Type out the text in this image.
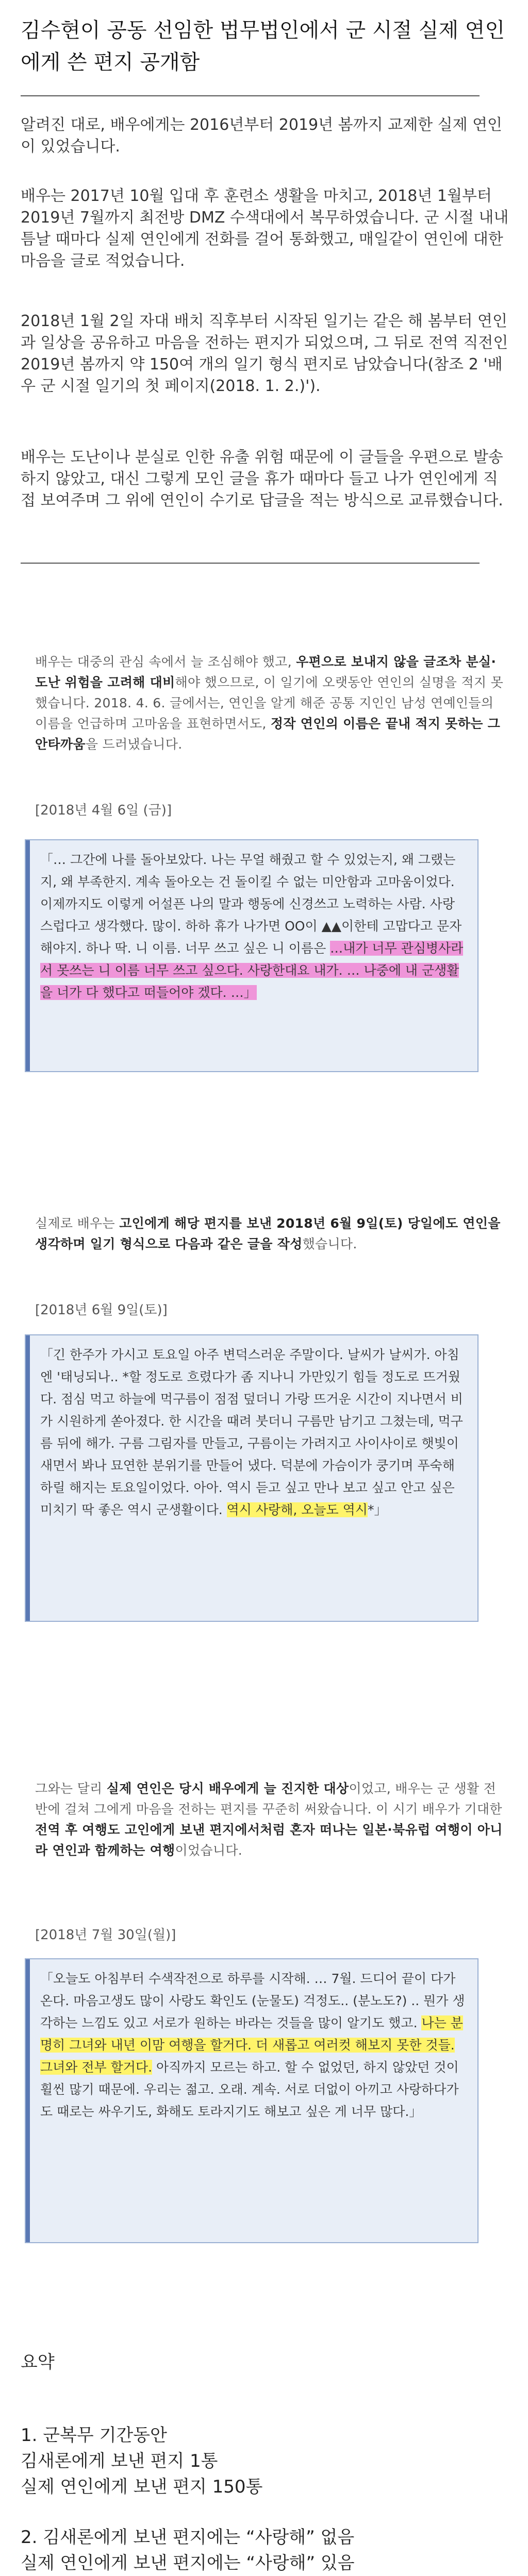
김수현이 공동 선임한 법무법인에서 군 시절 실제 연인에게 쓴 편지 공개함
알려진 대로, 배우에게는 2016년부터 2019년 봄까지 교제한 실제 연인이 있었습니다.
배우는 2017년 10월 입대 후 훈련소 생활을 마치고, 2018년 1월부터 2019년 7월까지 최전방 DMZ 수색대에서 복무하였습니다. 군 시절 내내 틈날 때마다 실제 연인에게 전화를 걸어 통화했고, 매일같이 연인에 대한 마음을 글로 적었습니다.
2018년 1월 2일 자대 배치 직후부터 시작된 일기는 같은 해 봄부터 연인과 일상을 공유하고 마음을 전하는 편지가 되었으며, 그 뒤로 전역 직전인 2019년 봄까지 약 150여 개의 일기 형식 편지로 남았습니다(참조 2 '배우 군 시절 일기의 첫 페이지(2018. 1. 2.)').
배우는 도난이나 분실로 인한 유출 위험 때문에 이 글들을 우편으로 발송하지 않았고, 대신 그렇게 모인 글을 휴가 때마다 들고 나가 연인에게 직접 보여주며 그 위에 연인이 수기로 답글을 적는 방식으로 교류했습니다.
배우는 대중의 관심 속에서 늘 조심해야 했고, 우편으로 보내지 않을 글조차 분실·도난 위험을 고려해 대비해야 했으므로, 이 일기에 오랫동안 연인의 실명을 적지 못했습니다. 2018. 4. 6. 글에서는, 연인을 알게 해준 공통 지인인 남성 연예인들의 이름을 언급하며 고마움을 표현하면서도, 정작 연인의 이름은 끝내 적지 못하는 그 안타까움을 드러냈습니다.
[2018년 4월 6일 (금)]
「… 그간에 나를 돌아보았다. 나는 무얼 해줬고 할 수 있었는지, 왜 그랬는지, 왜 부족한지. 계속 돌아오는 건 돌이킬 수 없는 미안함과 고마움이었다. 이제까지도 이렇게 어설픈 나의 말과 행동에 신경쓰고 노력하는 사람. 사랑스럽다고 생각했다. 많이. 하하 휴가 나가면 OO이 ▲▲이한테 고맙다고 문자해야지. 하나 딱. 니 이름. 너무 쓰고 싶은 니 이름은 …내가 너무 관심병사라서 못쓰는 니 이름 너무 쓰고 싶으다. 사랑한대요 내가. … 나중에 내 군생활을 너가 다 했다고 떠들어야 겠다. …」
실제로 배우는 고인에게 해당 편지를 보낸 2018년 6월 9일(토) 당일에도 연인을 생각하며 일기 형식으로 다음과 같은 글을 작성했습니다.
[2018년 6월 9일(토)]
「긴 한주가 가시고 토요일 아주 변덕스러운 주말이다. 날씨가 날씨가. 아침엔 '태닝되나.. *할 정도로 흐렸다가 좀 지나니 가만있기 힘들 정도로 뜨거웠다. 점심 먹고 하늘에 먹구름이 점점 덮더니 가랑 뜨거운 시간이 지나면서 비가 시원하게 쏟아졌다. 한 시간을 때려 붓더니 구름만 남기고 그쳤는데, 먹구름 뒤에 해가. 구름 그림자를 만들고, 구름이는 가려지고 사이사이로 햇빛이 새면서 봐나 묘연한 분위기를 만들어 냈다. 덕분에 가슴이가 쿵기며 푸숙해하릴 해지는 토요일이었다. 아아. 역시 듣고 싶고 만나 보고 싶고 안고 싶은 미치기 딱 좋은 역시 군생활이다. 역시 사랑해, 오늘도 역시*」
그와는 달리 실제 연인은 당시 배우에게 늘 진지한 대상이었고, 배우는 군 생활 전반에 걸쳐 그에게 마음을 전하는 편지를 꾸준히 써왔습니다. 이 시기 배우가 기대한 전역 후 여행도 고인에게 보낸 편지에서처럼 혼자 떠나는 일본·북유럽 여행이 아니라 연인과 함께하는 여행이었습니다.
[2018년 7월 30일(월)]
「오늘도 아침부터 수색작전으로 하루를 시작해. … 7월. 드디어 끝이 다가온다. 마음고생도 많이 사랑도 확인도 (눈물도) 걱정도.. (분노도?) .. 뭔가 생각하는 느낌도 있고 서로가 원하는 바라는 것들을 많이 알기도 했고. 나는 분명히 그녀와 내년 이맘 여행을 할거다. 더 새롭고 여러컷 해보지 못한 것들. 그녀와 전부 할거다. 아직까지 모르는 하고. 할 수 없었던, 하지 않았던 것이 휠씬 많기 때문에. 우리는 젊고. 오래. 계속. 서로 더없이 아끼고 사랑하다가도 때로는 싸우기도, 화해도 토라지기도 해보고 싶은 게 너무 많다.」
요약
1. 군복무 기간동안
김새론에게 보낸 편지 1통
실제 연인에게 보낸 편지 150통
2. 김새론에게 보낸 편지에는 “사랑해” 없음
실제 연인에게 보낸 편지에는 “사랑해” 있음
